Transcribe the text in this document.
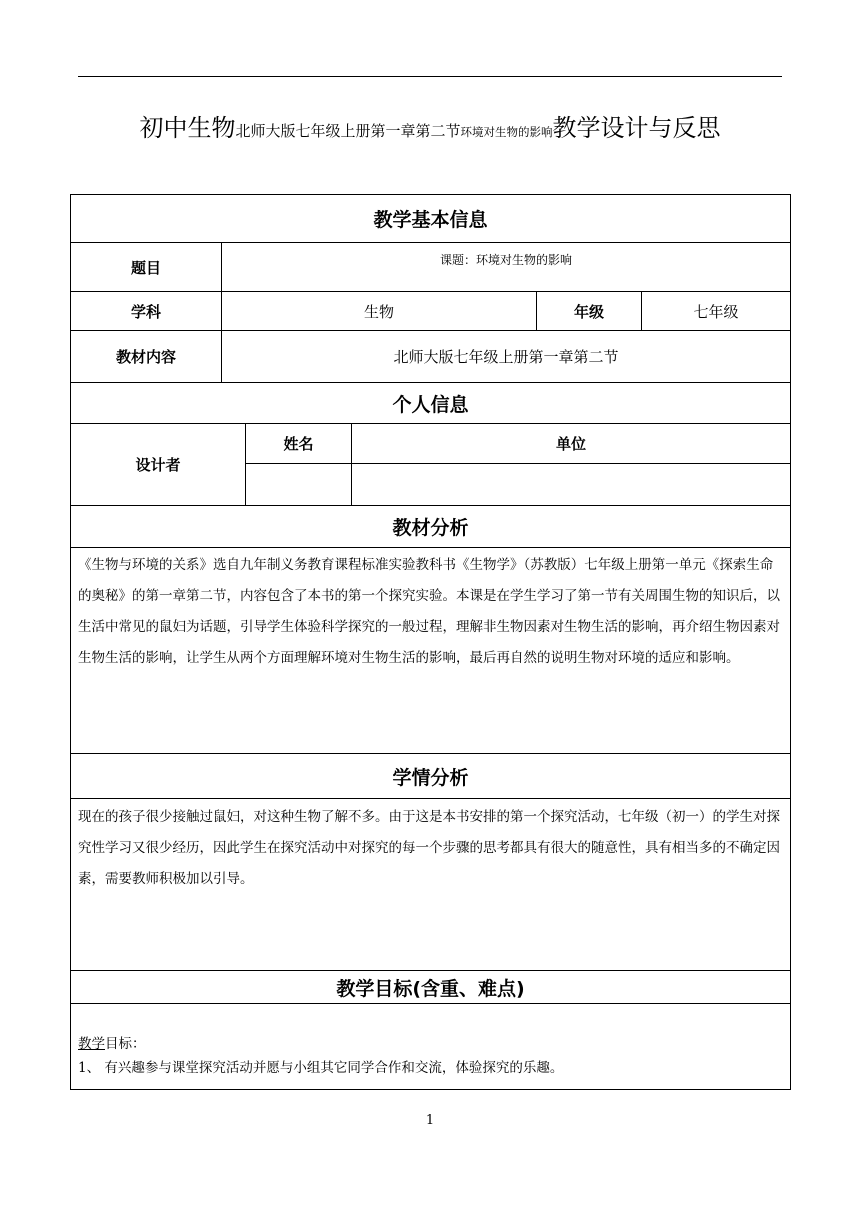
初中生物北师大版七年级上册第一章第二节环境对生物的影响教学设计与反思
教学基本信息					
题目	课题：环境对生物的影响				
学科	生物			年级	七年级
教材内容	北师大版七年级上册第一章第二节				
个人信息					
设计者		姓名	单位		

教材分析					
《生物与环境的关系》选自九年制义务教育课程标准实验教科书《生物学》（苏教版）七年级上册第一单元《探索生命的奥秘》的第一章第二节，内容包含了本书的第一个探究实验。本课是在学生学习了第一节有关周围生物的知识后，以生活中常见的鼠妇为话题，引导学生体验科学探究的一般过程，理解非生物因素对生物生活的影响，再介绍生物因素对生物生活的影响，让学生从两个方面理解环境对生物生活的影响，最后再自然的说明生物对环境的适应和影响。					
学情分析					
现在的孩子很少接触过鼠妇，对这种生物了解不多。由于这是本书安排的第一个探究活动，七年级（初一）的学生对探究性学习又很少经历，因此学生在探究活动中对探究的每一个步骤的思考都具有很大的随意性，具有相当多的不确定因素，需要教师积极加以引导。					
教学目标(含重、难点)					

教学目标：
1、 有兴趣参与课堂探究活动并愿与小组其它同学合作和交流，体验探究的乐趣。					
1
